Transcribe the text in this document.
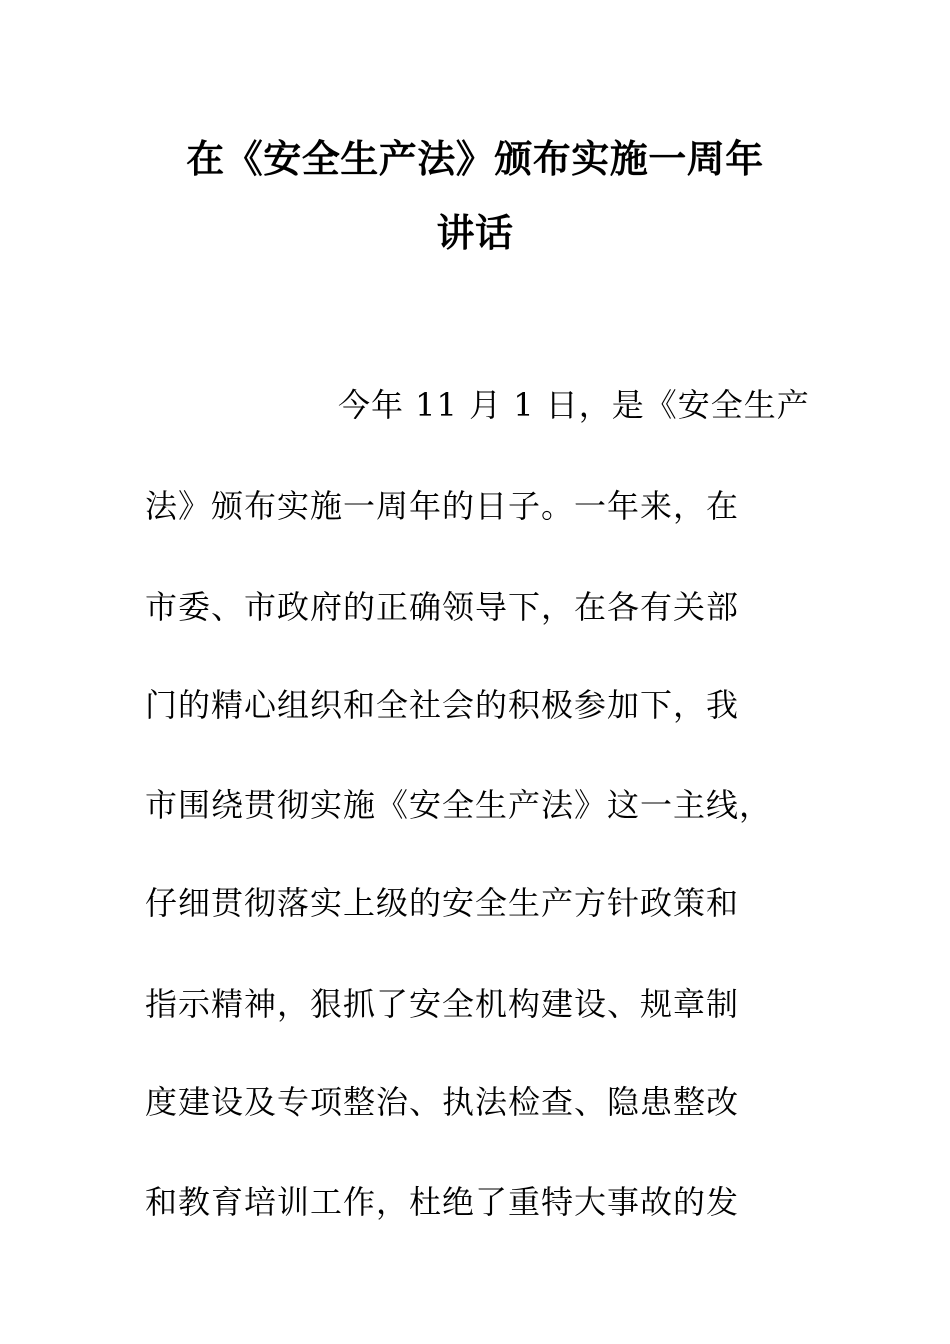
在《安全生产法》颁布实施一周年
讲话
今年 11 月 1 日，是《安全生产
法》颁布实施一周年的日子。一年来，在
市委、市政府的正确领导下，在各有关部
门的精心组织和全社会的积极参加下，我
市围绕贯彻实施《安全生产法》这一主线，
仔细贯彻落实上级的安全生产方针政策和
指示精神，狠抓了安全机构建设、规章制
度建设及专项整治、执法检查、隐患整改
和教育培训工作，杜绝了重特大事故的发
